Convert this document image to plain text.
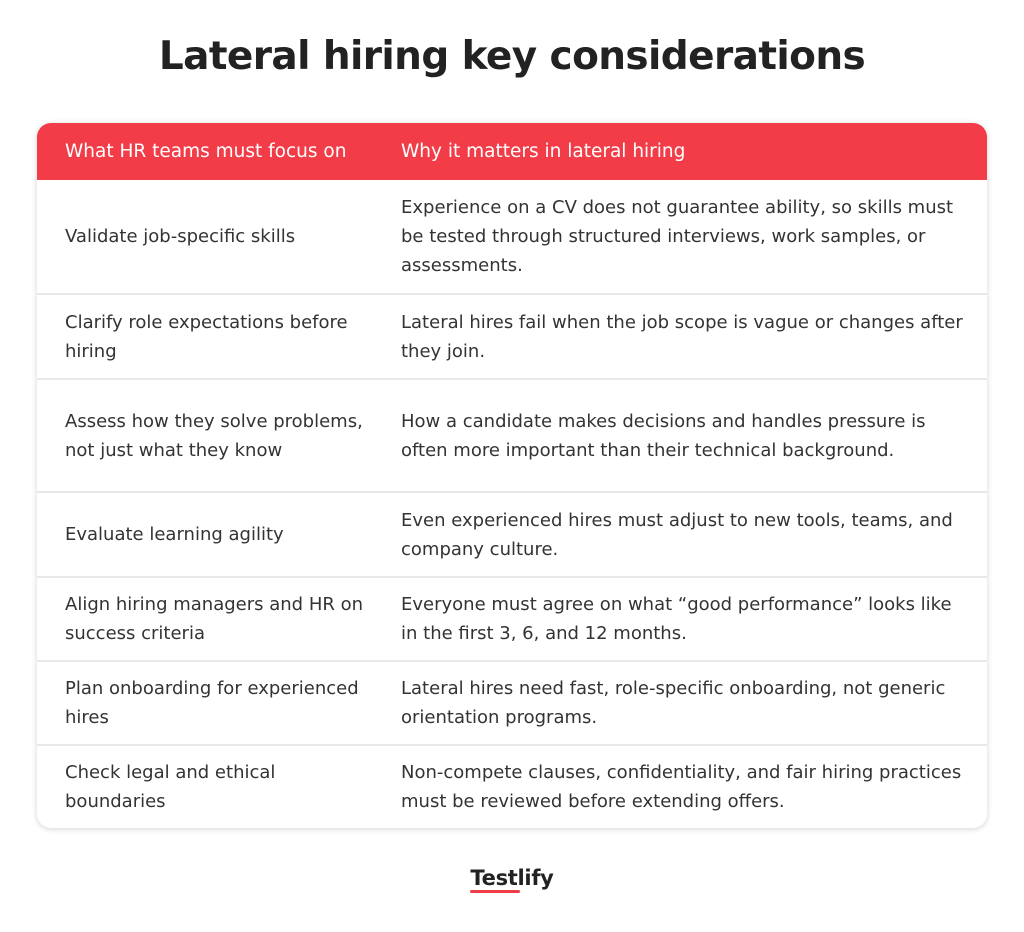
Lateral hiring key considerations
What HR teams must focus on	Why it matters in lateral hiring
Validate job-specific skills
Experience on a CV does not guarantee ability, so skills must be tested through structured interviews, work samples, or assessments.
Clarify role expectations before hiring
Lateral hires fail when the job scope is vague or changes after they join.
Assess how they solve problems, not just what they know
How a candidate makes decisions and handles pressure is often more important than their technical background.
Evaluate learning agility
Even experienced hires must adjust to new tools, teams, and company culture.
Align hiring managers and HR on success criteria
Everyone must agree on what “good performance” looks like in the first 3, 6, and 12 months.
Plan onboarding for experienced hires
Lateral hires need fast, role-specific onboarding, not generic orientation programs.
Check legal and ethical boundaries
Non-compete clauses, confidentiality, and fair hiring practices must be reviewed before extending offers.
Testlify
